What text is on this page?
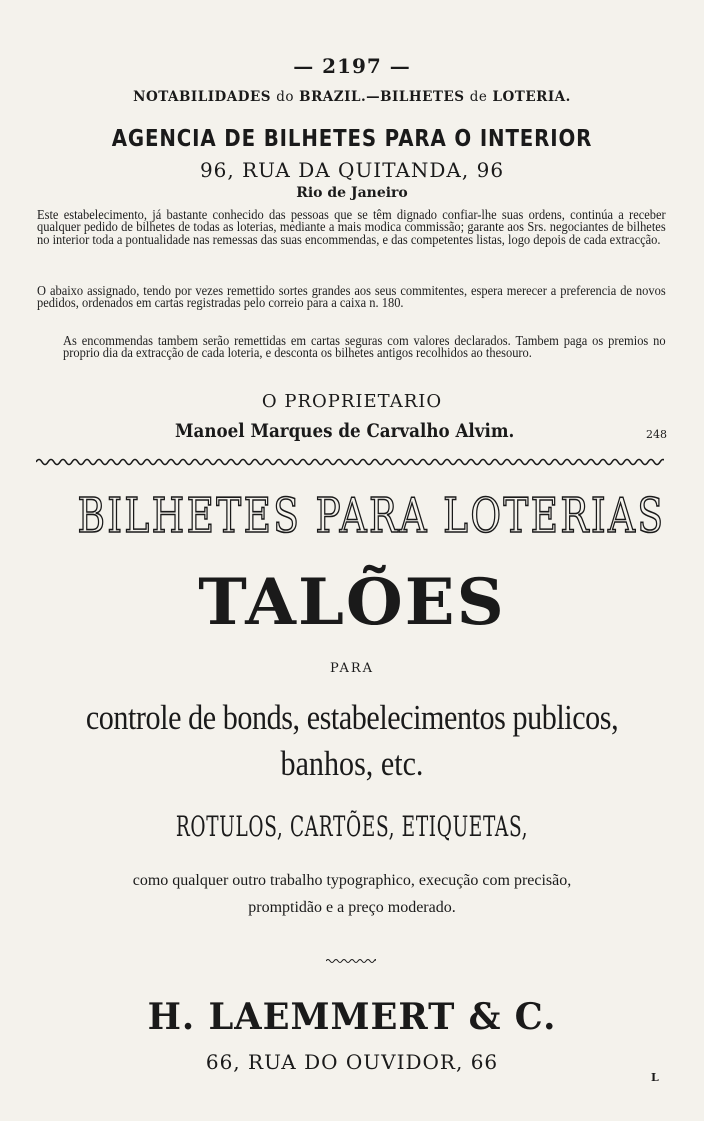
— 2197 —
NOTABILIDADES do BRAZIL.—BILHETES de LOTERIA.
AGENCIA DE BILHETES PARA O INTERIOR
96, RUA DA QUITANDA, 96
Rio de Janeiro
Este estabelecimento, já bastante conhecido das pessoas que se têm dignado confiar-lhe suas ordens, continúa a receber qualquer pedido de bilhetes de todas as loterias, mediante a mais modica commissão; garante aos Srs. negociantes de bilhetes no interior toda a pontualidade nas remessas das suas encommendas, e das competentes listas, logo depois de cada extracção.
O abaixo assignado, tendo por vezes remettido sortes grandes aos seus commitentes, espera merecer a preferencia de novos pedidos, ordenados em cartas registradas pelo correio para a caixa n. 180.
As encommendas tambem serão remettidas em cartas seguras com valores declarados. Tambem paga os premios no proprio dia da extracção de cada loteria, e desconta os bilhetes antigos recolhidos ao thesouro.
O PROPRIETARIO
Manoel Marques de Carvalho Alvim.	248
BILHETES PARA LOTERIAS
TALÕES
PARA
controle de bonds, estabelecimentos publicos,
banhos, etc.
ROTULOS, CARTÕES, ETIQUETAS,
como qualquer outro trabalho typographico, execução com precisão,
promptidão e a preço moderado.
H. LAEMMERT & C.
66, RUA DO OUVIDOR, 66
L
